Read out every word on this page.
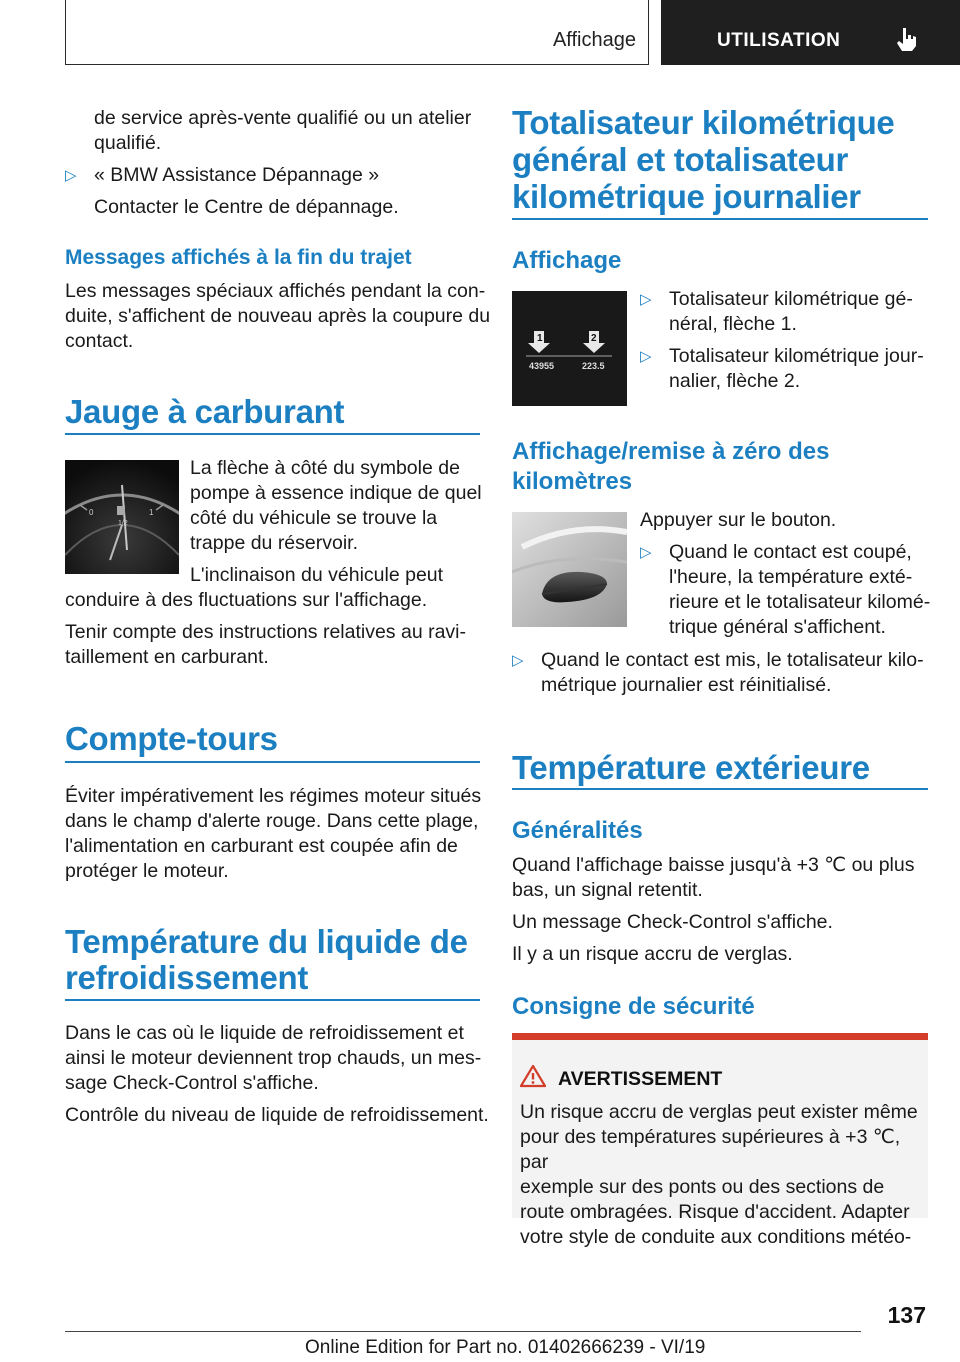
Affichage	UTILISATION
de service après-vente qualifié ou un atelier
qualifié.
▷ « BMW Assistance Dépannage »
Contacter le Centre de dépannage.
Messages affichés à la fin du trajet
Les messages spéciaux affichés pendant la con‐
duite, s'affichent de nouveau après la coupure du
contact.
Jauge à carburant
0	1
1/2
La flèche à côté du symbole de
pompe à essence indique de quel
côté du véhicule se trouve la
trappe du réservoir.
L'inclinaison du véhicule peut
conduire à des fluctuations sur l'affichage.
Tenir compte des instructions relatives au ravi‐
taillement en carburant.
Compte-tours
Éviter impérativement les régimes moteur situés
dans le champ d'alerte rouge. Dans cette plage,
l'alimentation en carburant est coupée afin de
protéger le moteur.
Température du liquide de
refroidissement
Dans le cas où le liquide de refroidissement et
ainsi le moteur deviennent trop chauds, un mes‐
sage Check-Control s'affiche.
Contrôle du niveau de liquide de refroidissement.
Totalisateur kilométrique
général et totalisateur
kilométrique journalier
Affichage
1	2
43955	223.5
▷ Totalisateur kilométrique gé‐
néral, flèche 1.
▷ Totalisateur kilométrique jour‐
nalier, flèche 2.
Affichage/remise à zéro des
kilomètres
Appuyer sur le bouton.
▷ Quand le contact est coupé,
l'heure, la température exté‐
rieure et le totalisateur kilomé‐
trique général s'affichent.
▷ Quand le contact est mis, le totalisateur kilo‐
métrique journalier est réinitialisé.
Température extérieure
Généralités
Quand l'affichage baisse jusqu'à +3 ℃ ou plus
bas, un signal retentit.
Un message Check-Control s'affiche.
Il y a un risque accru de verglas.
Consigne de sécurité
AVERTISSEMENT
Un risque accru de verglas peut exister même
pour des températures supérieures à +3 ℃, par
exemple sur des ponts ou des sections de
route ombragées. Risque d'accident. Adapter
votre style de conduite aux conditions météo‐
137
Online Edition for Part no. 01402666239 - VI/19
